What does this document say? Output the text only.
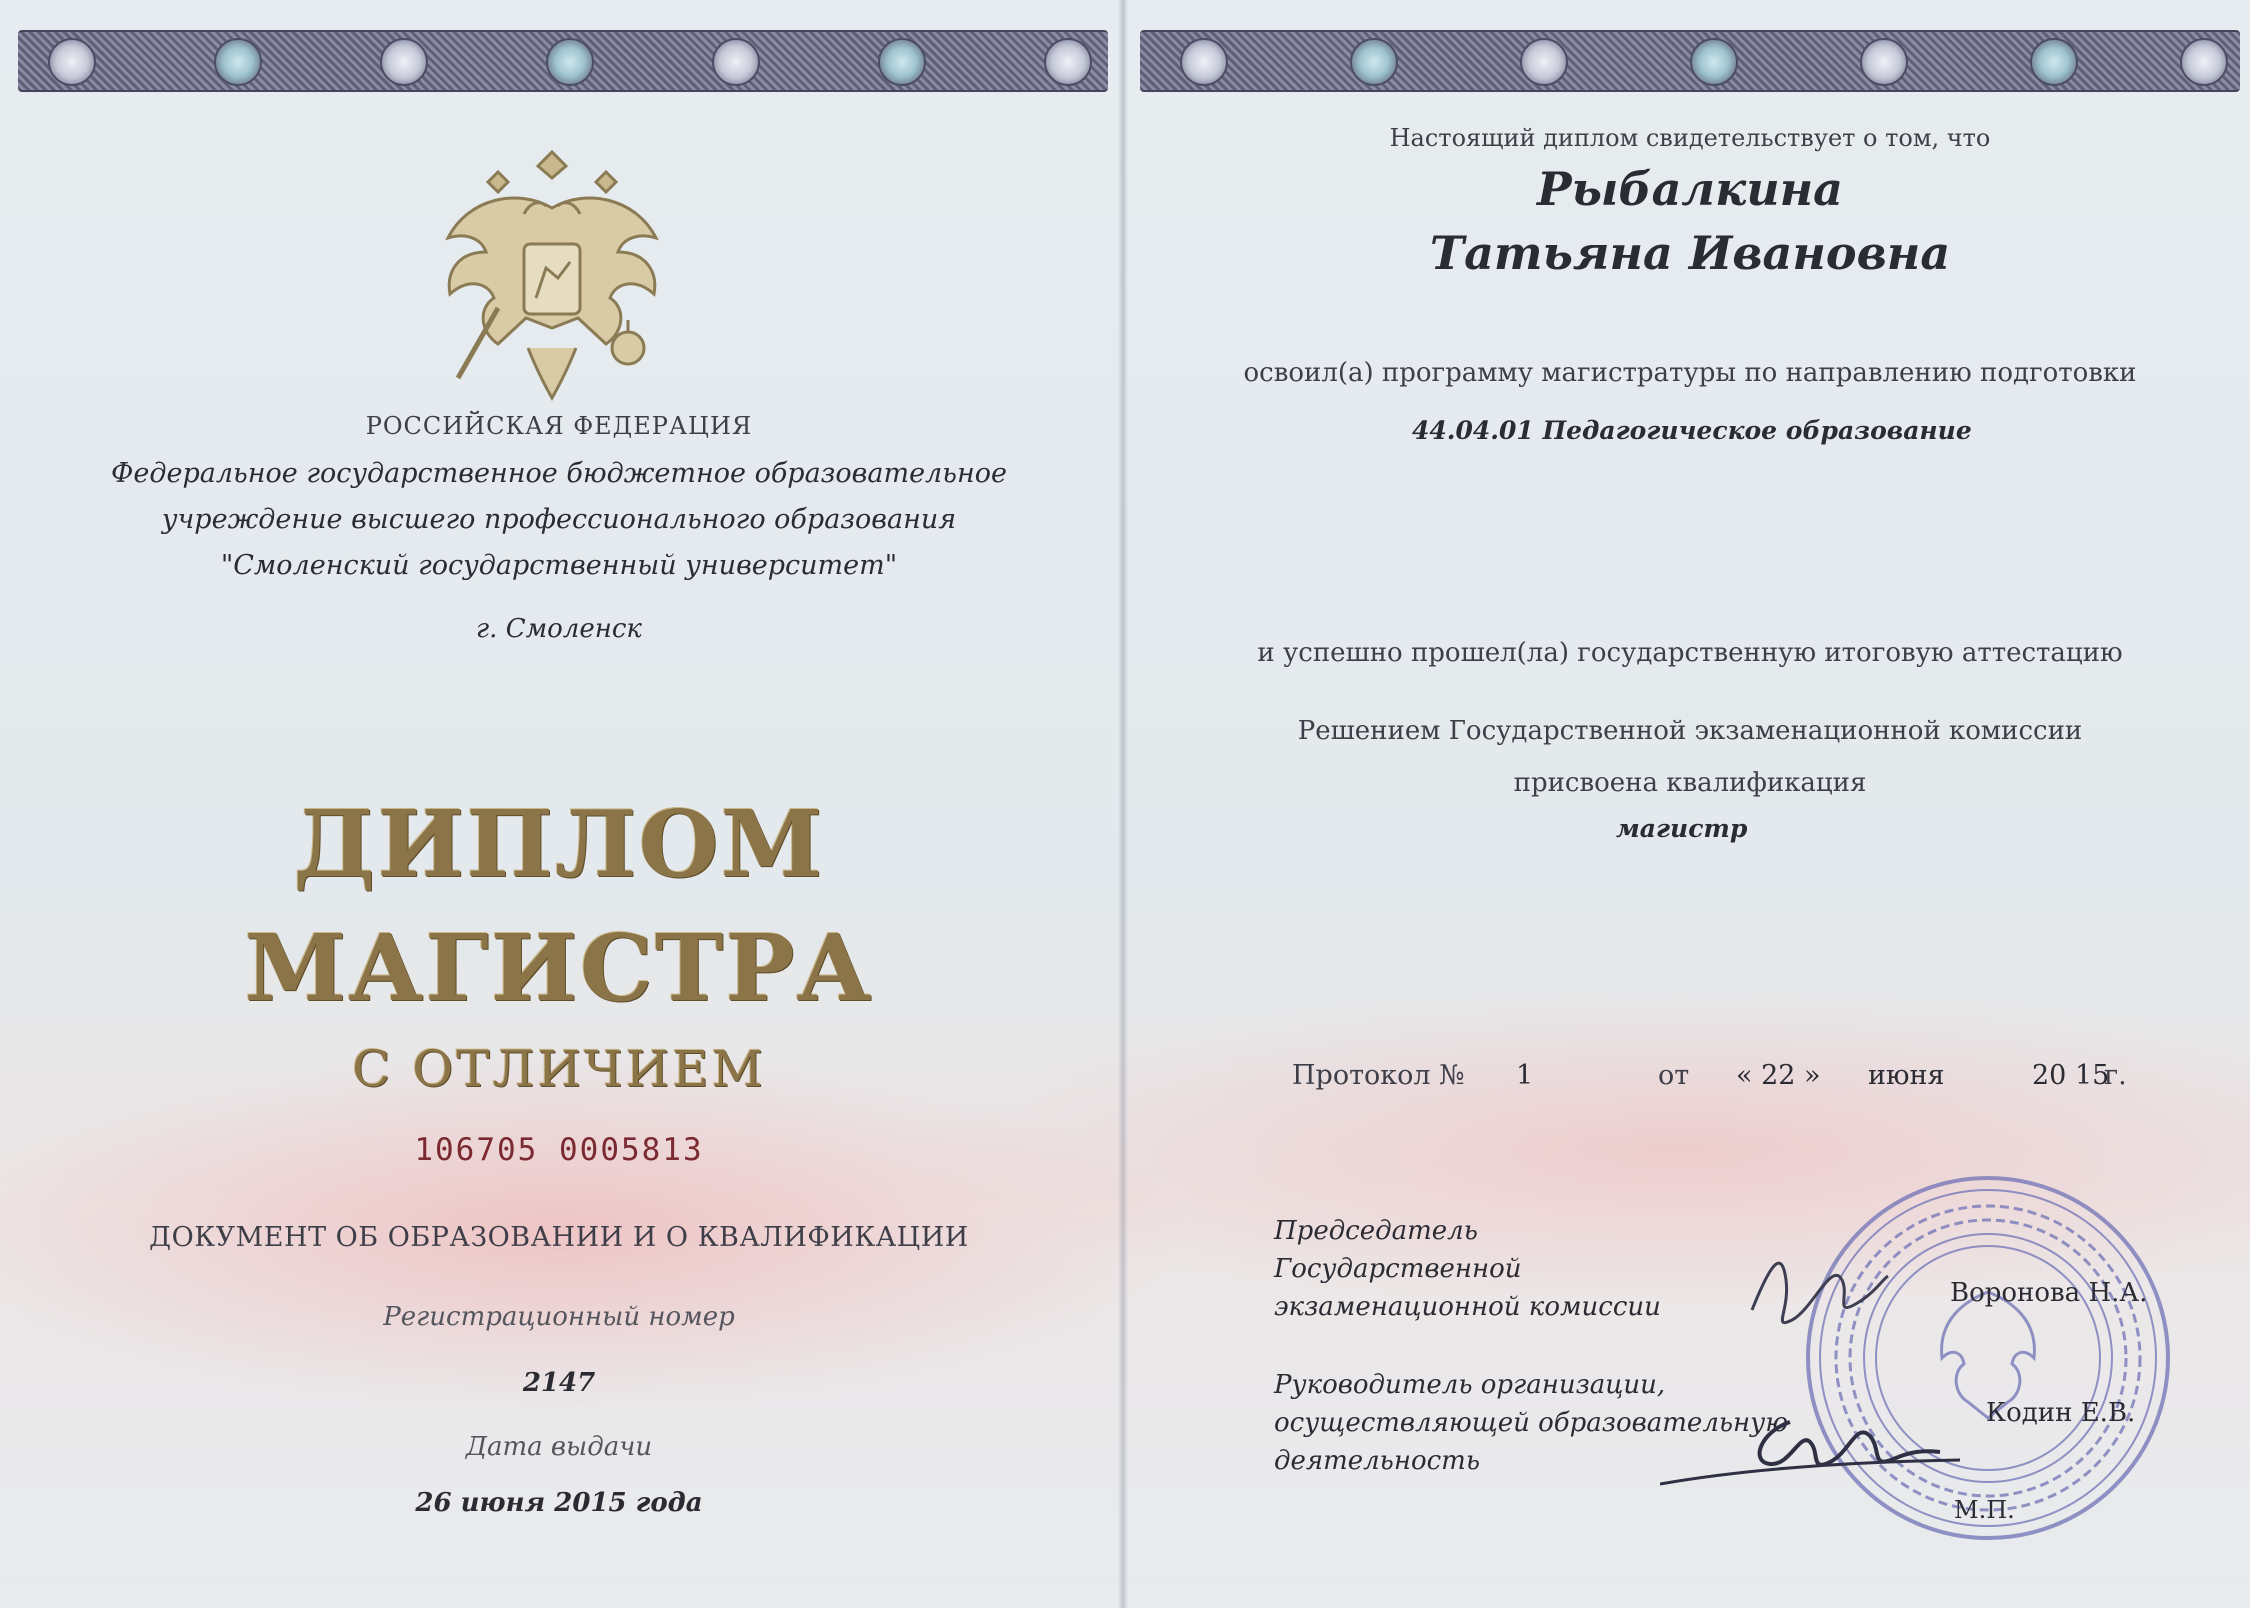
РОССИЙСКАЯ ФЕДЕРАЦИЯ
Федеральное государственное бюджетное образовательное
учреждение высшего профессионального образования
"Смоленский государственный университет"
г. Смоленск
ДИПЛОМ
МАГИСТРА
С ОТЛИЧИЕМ
106705 0005813
ДОКУМЕНТ ОБ ОБРАЗОВАНИИ И О КВАЛИФИКАЦИИ
Регистрационный номер
2147
Дата выдачи
26 июня 2015 года
Настоящий диплом свидетельствует о том, что
Рыбалкина
Татьяна Ивановна
освоил(а) программу магистратуры по направлению подготовки
44.04.01 Педагогическое образование
и успешно прошел(ла) государственную итоговую аттестацию
Решением Государственной экзаменационной комиссии
присвоена квалификация
магистр
Протокол № 1	от « 22 » июня	20 15
г.
Председатель
Государственной
экзаменационной комиссии
Руководитель организации,
осуществляющей образовательную
деятельность
Воронова Н.А.
Кодин Е.В.
М.П.
